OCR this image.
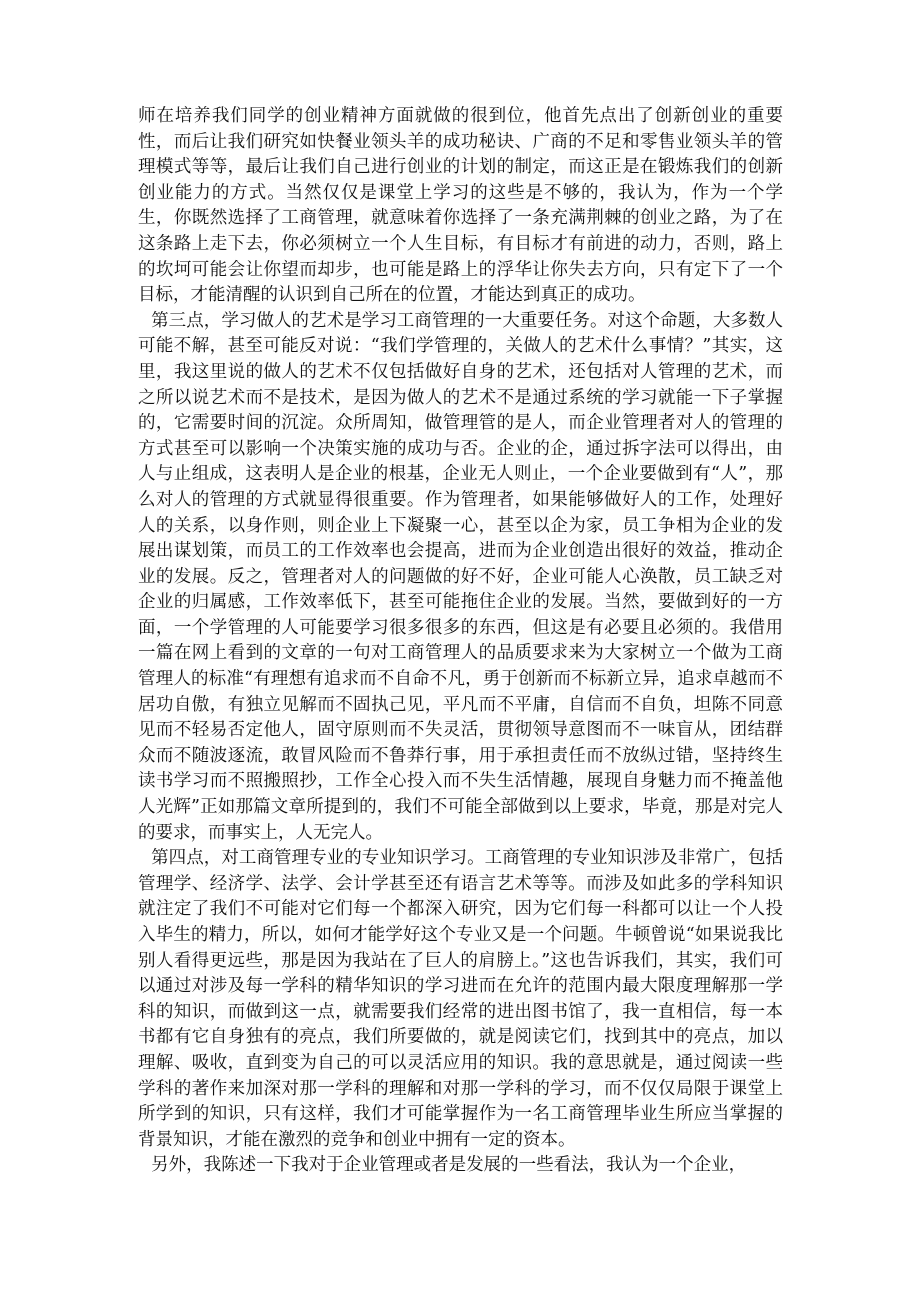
师在培养我们同学的创业精神方面就做的很到位，他首先点出了创新创业的重要性，而后让我们研究如快餐业领头羊的成功秘诀、广商的不足和零售业领头羊的管理模式等等，最后让我们自己进行创业的计划的制定，而这正是在锻炼我们的创新创业能力的方式。当然仅仅是课堂上学习的这些是不够的，我认为，作为一个学生，你既然选择了工商管理，就意味着你选择了一条充满荆棘的创业之路，为了在这条路上走下去，你必须树立一个人生目标，有目标才有前进的动力，否则，路上的坎坷可能会让你望而却步，也可能是路上的浮华让你失去方向，只有定下了一个目标，才能清醒的认识到自己所在的位置，才能达到真正的成功。

第三点，学习做人的艺术是学习工商管理的一大重要任务。对这个命题，大多数人可能不解，甚至可能反对说：“我们学管理的，关做人的艺术什么事情？”其实，这里，我这里说的做人的艺术不仅包括做好自身的艺术，还包括对人管理的艺术，而之所以说艺术而不是技术，是因为做人的艺术不是通过系统的学习就能一下子掌握的，它需要时间的沉淀。众所周知，做管理管的是人，而企业管理者对人的管理的方式甚至可以影响一个决策实施的成功与否。企业的企，通过拆字法可以得出，由人与止组成，这表明人是企业的根基，企业无人则止，一个企业要做到有“人”，那么对人的管理的方式就显得很重要。作为管理者，如果能够做好人的工作，处理好人的关系，以身作则，则企业上下凝聚一心，甚至以企为家，员工争相为企业的发展出谋划策，而员工的工作效率也会提高，进而为企业创造出很好的效益，推动企业的发展。反之，管理者对人的问题做的好不好，企业可能人心涣散，员工缺乏对企业的归属感，工作效率低下，甚至可能拖住企业的发展。当然，要做到好的一方面，一个学管理的人可能要学习很多很多的东西，但这是有必要且必须的。我借用一篇在网上看到的文章的一句对工商管理人的品质要求来为大家树立一个做为工商管理人的标准“有理想有追求而不自命不凡，勇于创新而不标新立异，追求卓越而不居功自傲，有独立见解而不固执己见，平凡而不平庸，自信而不自负，坦陈不同意见而不轻易否定他人，固守原则而不失灵活，贯彻领导意图而不一味盲从，团结群众而不随波逐流，敢冒风险而不鲁莽行事，用于承担责任而不放纵过错，坚持终生读书学习而不照搬照抄，工作全心投入而不失生活情趣，展现自身魅力而不掩盖他人光辉”正如那篇文章所提到的，我们不可能全部做到以上要求，毕竟，那是对完人的要求，而事实上，人无完人。

第四点，对工商管理专业的专业知识学习。工商管理的专业知识涉及非常广，包括管理学、经济学、法学、会计学甚至还有语言艺术等等。而涉及如此多的学科知识就注定了我们不可能对它们每一个都深入研究，因为它们每一科都可以让一个人投入毕生的精力，所以，如何才能学好这个专业又是一个问题。牛顿曾说“如果说我比别人看得更远些，那是因为我站在了巨人的肩膀上。”这也告诉我们，其实，我们可以通过对涉及每一学科的精华知识的学习进而在允许的范围内最大限度理解那一学科的知识，而做到这一点，就需要我们经常的进出图书馆了，我一直相信，每一本书都有它自身独有的亮点，我们所要做的，就是阅读它们，找到其中的亮点，加以理解、吸收，直到变为自己的可以灵活应用的知识。我的意思就是，通过阅读一些学科的著作来加深对那一学科的理解和对那一学科的学习，而不仅仅局限于课堂上所学到的知识，只有这样，我们才可能掌握作为一名工商管理毕业生所应当掌握的背景知识，才能在激烈的竞争和创业中拥有一定的资本。

另外，我陈述一下我对于企业管理或者是发展的一些看法，我认为一个企业，
